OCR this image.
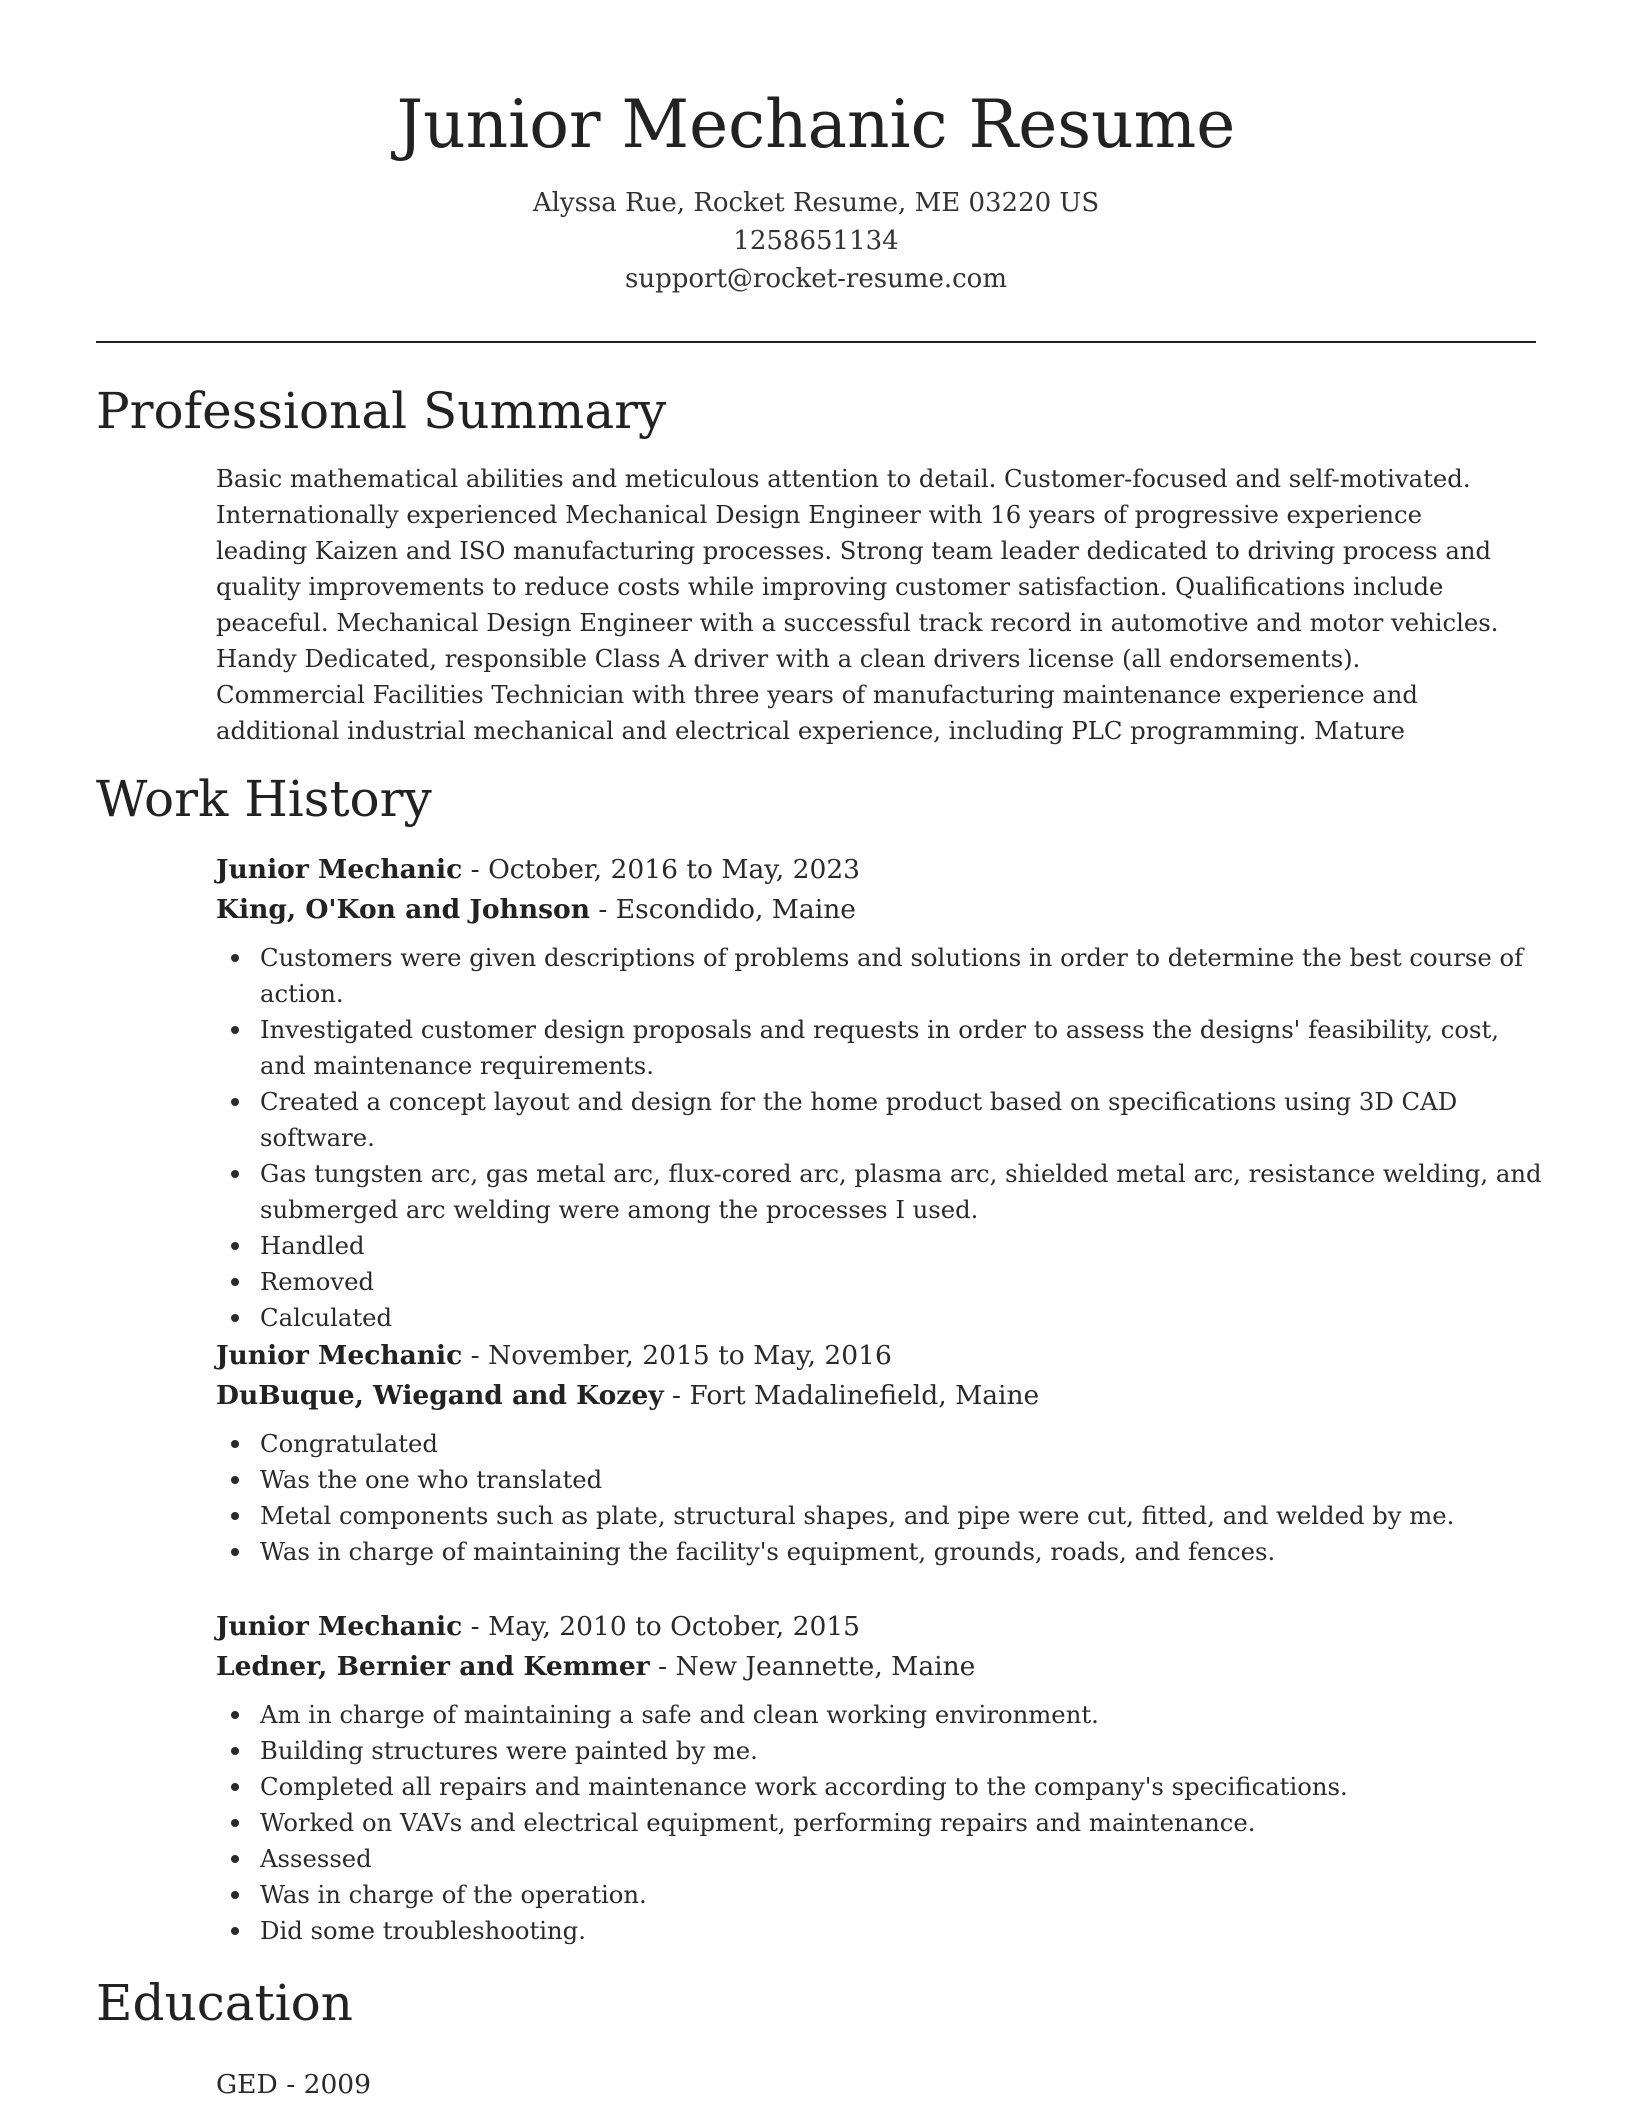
Junior Mechanic Resume
Alyssa Rue, Rocket Resume, ME 03220 US
1258651134
support@rocket-resume.com
Professional Summary

Basic mathematical abilities and meticulous attention to detail. Customer-focused and self-motivated. Internationally experienced Mechanical Design Engineer with 16 years of progressive experience leading Kaizen and ISO manufacturing processes. Strong team leader dedicated to driving process and quality improvements to reduce costs while improving customer satisfaction. Qualifications include peaceful. Mechanical Design Engineer with a successful track record in automotive and motor vehicles. Handy Dedicated, responsible Class A driver with a clean drivers license (all endorsements). Commercial Facilities Technician with three years of manufacturing maintenance experience and additional industrial mechanical and electrical experience, including PLC programming. Mature

Work History
Junior Mechanic - October, 2016 to May, 2023
King, O'Kon and Johnson - Escondido, Maine
Customers were given descriptions of problems and solutions in order to determine the best course of action.
Investigated customer design proposals and requests in order to assess the designs' feasibility, cost, and maintenance requirements.
Created a concept layout and design for the home product based on specifications using 3D CAD software.
Gas tungsten arc, gas metal arc, flux-cored arc, plasma arc, shielded metal arc, resistance welding, and submerged arc welding were among the processes I used.
Handled
Removed
Calculated
Junior Mechanic - November, 2015 to May, 2016
DuBuque, Wiegand and Kozey - Fort Madalinefield, Maine
Congratulated
Was the one who translated
Metal components such as plate, structural shapes, and pipe were cut, fitted, and welded by me.
Was in charge of maintaining the facility's equipment, grounds, roads, and fences.
Junior Mechanic - May, 2010 to October, 2015
Ledner, Bernier and Kemmer - New Jeannette, Maine
Am in charge of maintaining a safe and clean working environment.
Building structures were painted by me.
Completed all repairs and maintenance work according to the company's specifications.
Worked on VAVs and electrical equipment, performing repairs and maintenance.
Assessed
Was in charge of the operation.
Did some troubleshooting.
Education
GED - 2009
